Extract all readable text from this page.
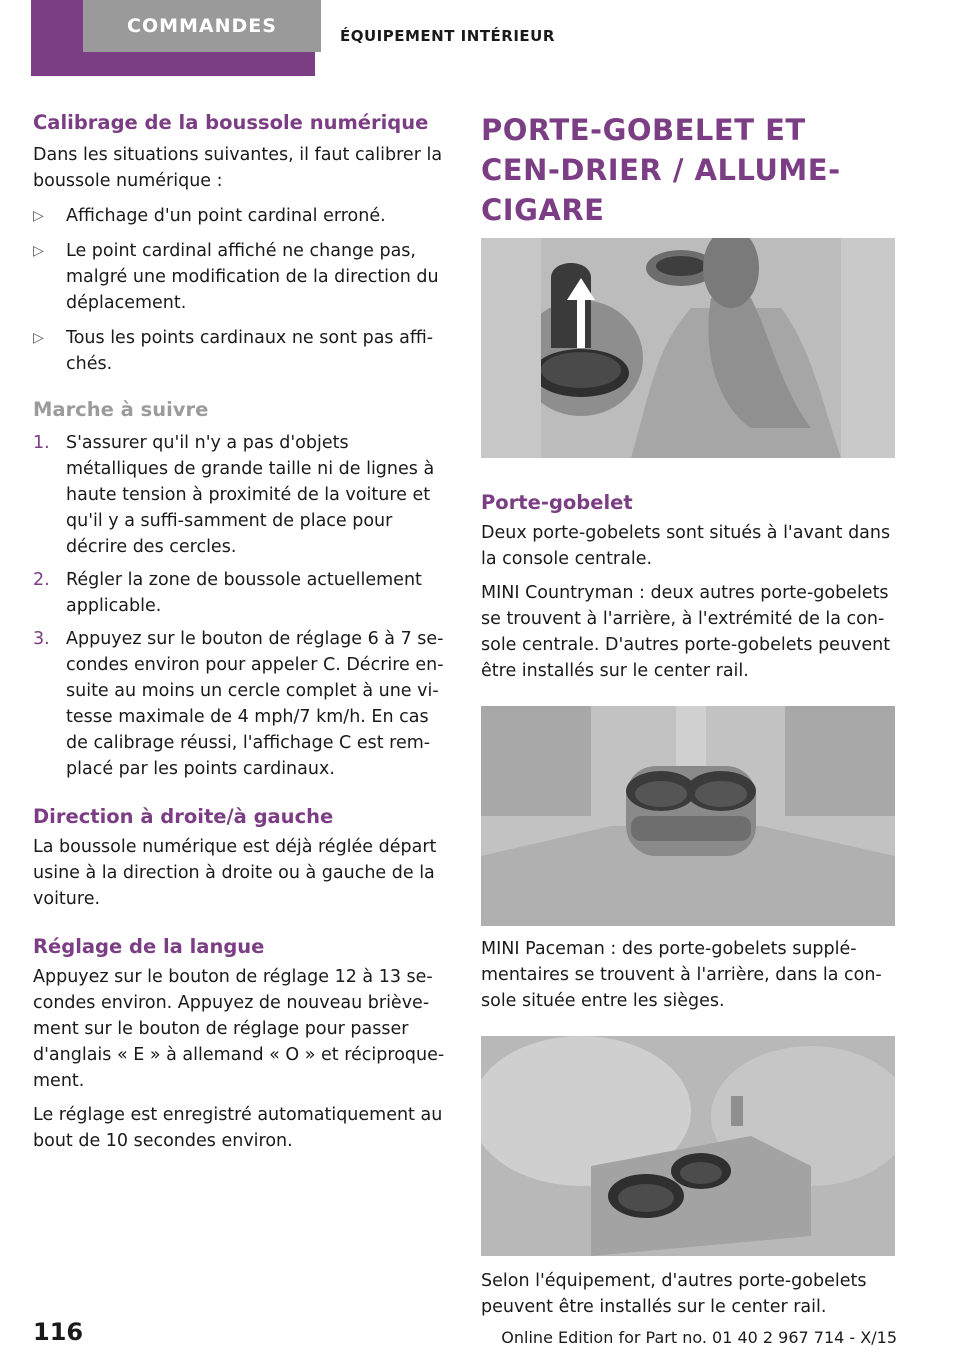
COMMANDES	ÉQUIPEMENT INTÉRIEUR
Calibrage de la boussole numérique

Dans les situations suivantes, il faut calibrer la boussole numérique :

▷ Affichage d'un point cardinal erroné.
▷ Le point cardinal affiché ne change pas, malgré une modification de la direction du déplacement.
▷ Tous les points cardinaux ne sont pas affi‐chés.
Marche à suivre
1. S'assurer qu'il n'y a pas d'objets métalliques de grande taille ni de lignes à haute tension à proximité de la voiture et qu'il y a suffi‐samment de place pour décrire des cercles.
2. Régler la zone de boussole actuellement applicable.
3. Appuyez sur le bouton de réglage 6 à 7 se‐condes environ pour appeler C. Décrire en‐suite au moins un cercle complet à une vi‐tesse maximale de 4 mph/7 km/h. En cas de calibrage réussi, l'affichage C est rem‐placé par les points cardinaux.
Direction à droite/à gauche

La boussole numérique est déjà réglée départ usine à la direction à droite ou à gauche de la voiture.

Réglage de la langue

Appuyez sur le bouton de réglage 12 à 13 se‐condes environ. Appuyez de nouveau briève‐ment sur le bouton de réglage pour passer d'anglais « E » à allemand « O » et réciproque‐ment.

Le réglage est enregistré automatiquement au bout de 10 secondes environ.

PORTE-GOBELET ET CEN‐DRIER / ALLUME-CIGARE
Porte-gobelet

Deux porte-gobelets sont situés à l'avant dans la console centrale.

MINI Countryman : deux autres porte-gobelets se trouvent à l'arrière, à l'extrémité de la con‐sole centrale. D'autres porte-gobelets peuvent être installés sur le center rail.

MINI Paceman : des porte-gobelets supplé‐mentaires se trouvent à l'arrière, dans la con‐sole située entre les sièges.

Selon l'équipement, d'autres porte-gobelets peuvent être installés sur le center rail.

116	Online Edition for Part no. 01 40 2 967 714 - X/15
